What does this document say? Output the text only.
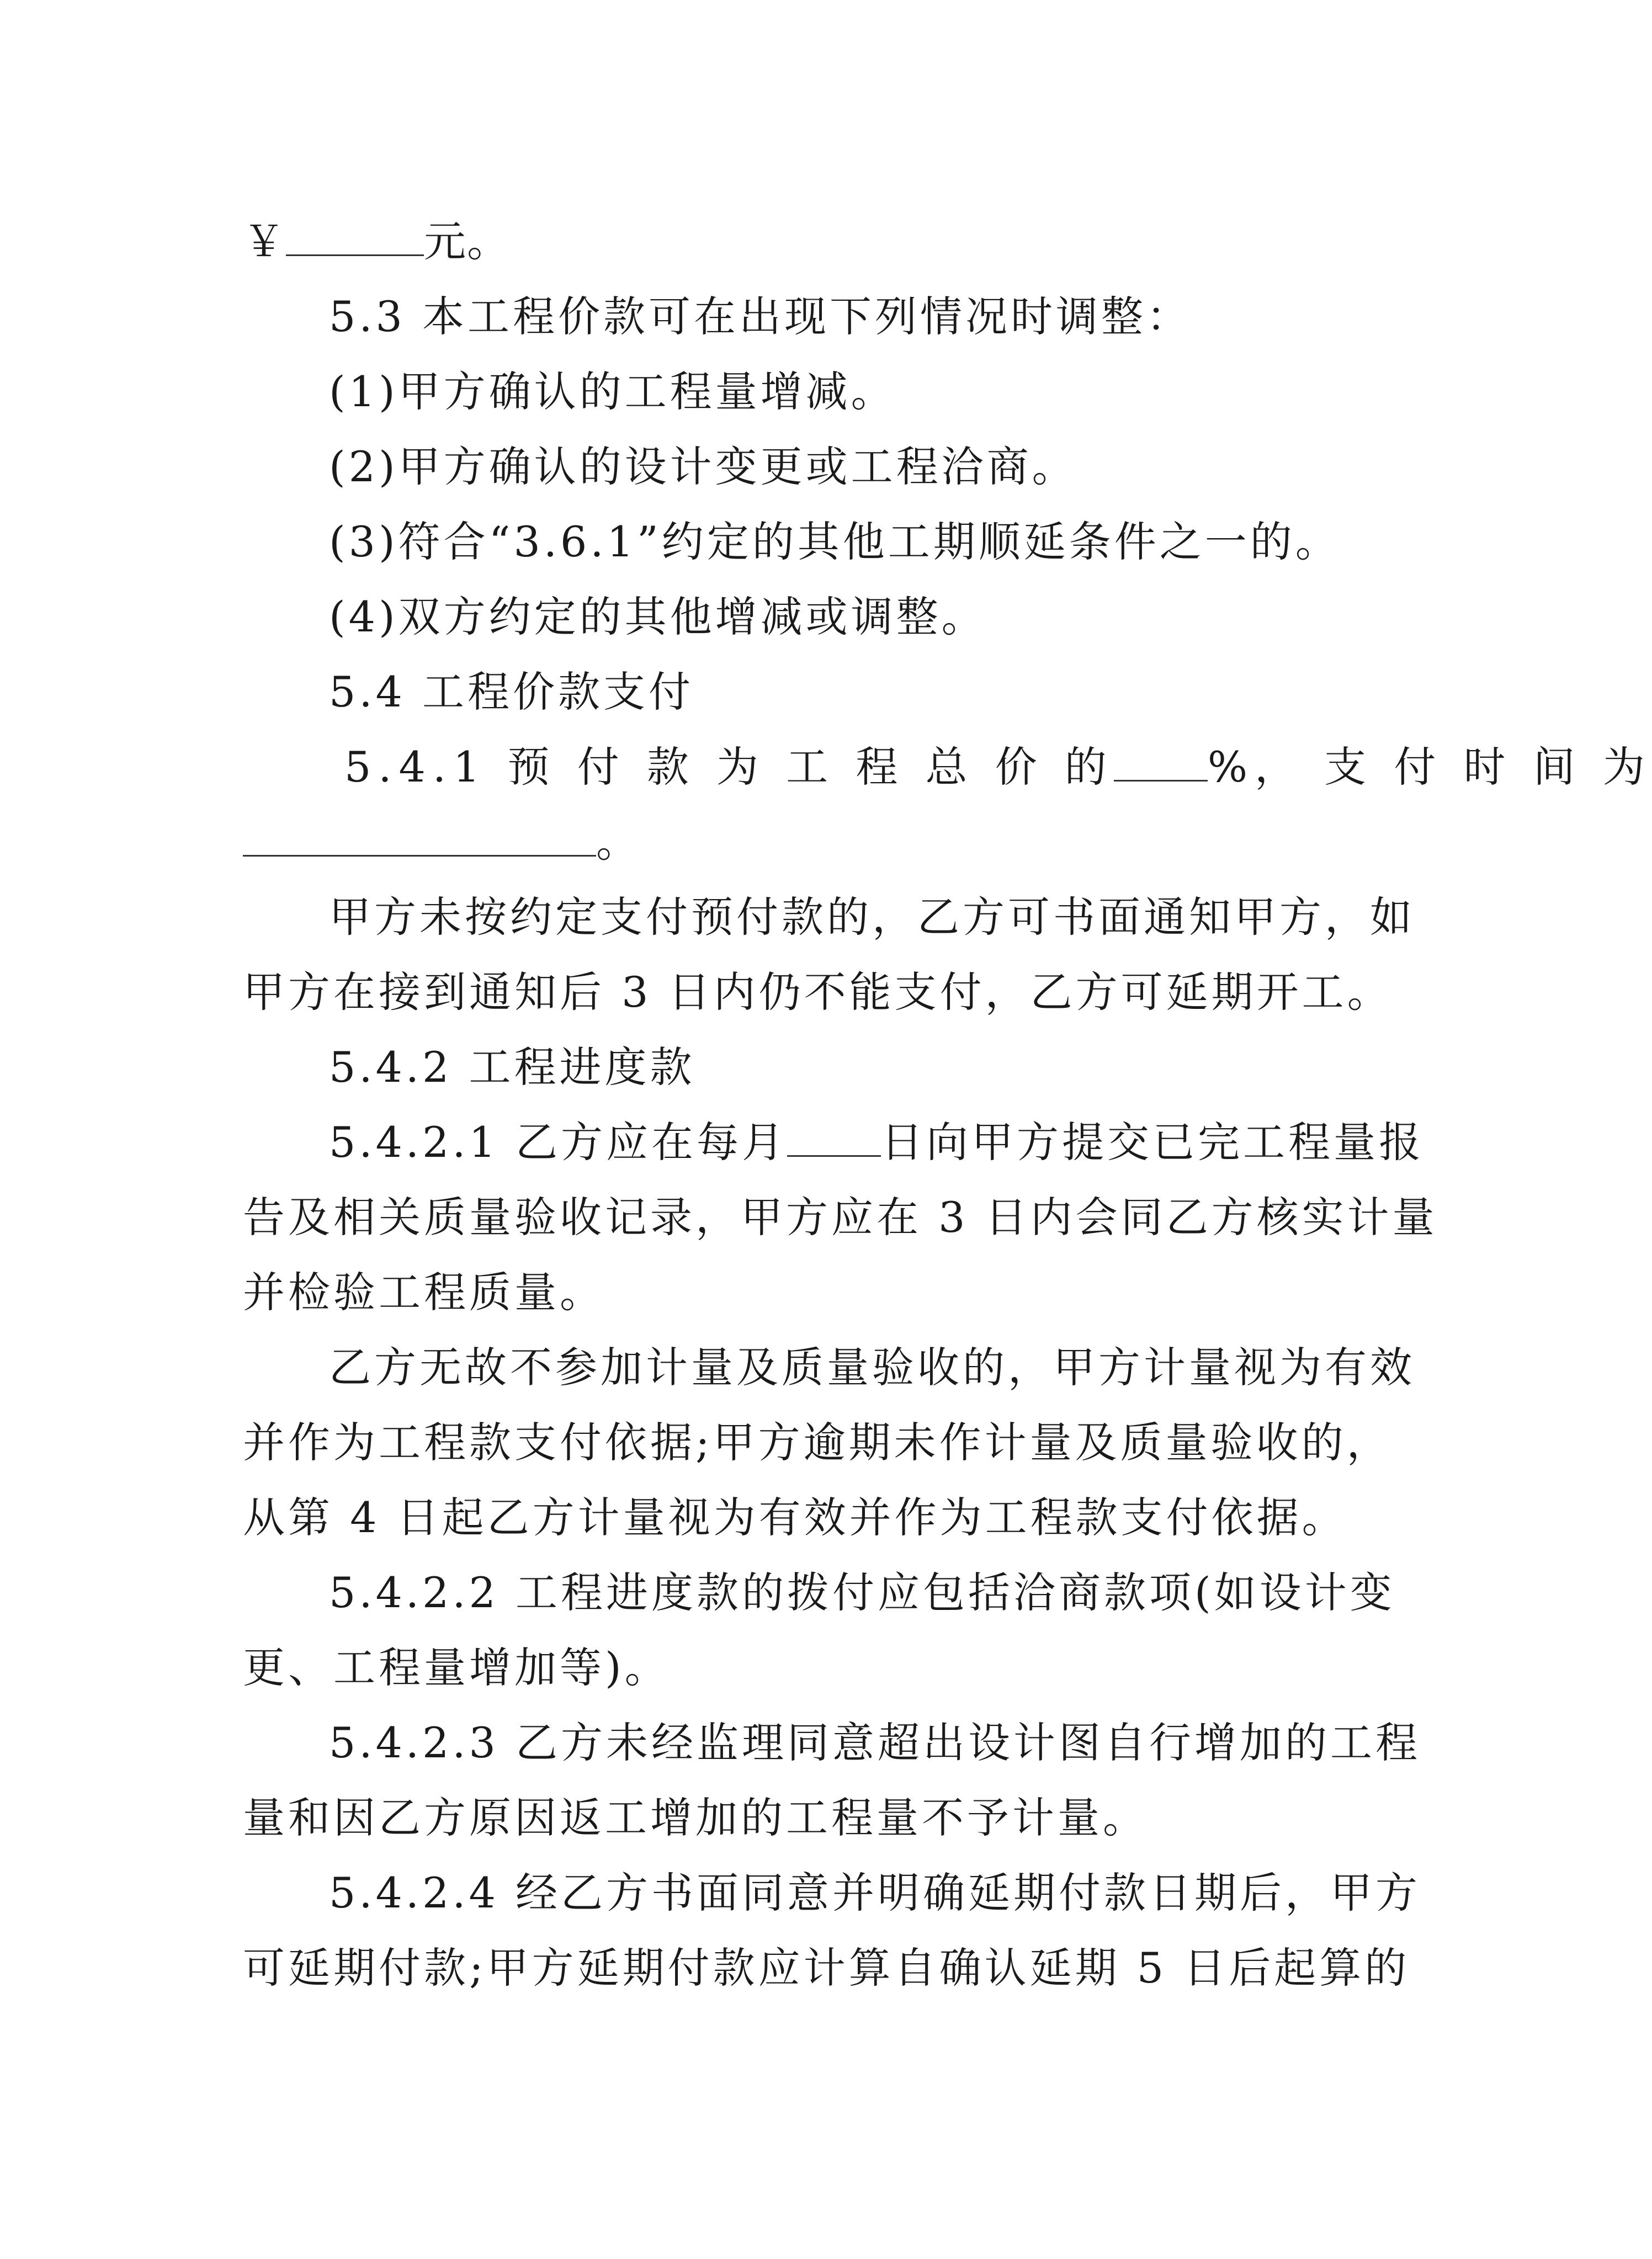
￥	元。
5.3 本工程价款可在出现下列情况时调整：
(1)甲方确认的工程量增减。
(2)甲方确认的设计变更或工程洽商。
(3)符合“3.6.1”约定的其他工期顺延条件之一的。
(4)双方约定的其他增减或调整。
5.4 工程价款支付
5.4.1 预 付 款 为 工 程 总 价 的 %， 支 付 时 间 为
。
甲方未按约定支付预付款的，乙方可书面通知甲方，如
甲方在接到通知后 3 日内仍不能支付，乙方可延期开工。
5.4.2 工程进度款
5.4.2.1 乙方应在每月 日向甲方提交已完工程量报
告及相关质量验收记录，甲方应在 3 日内会同乙方核实计量
并检验工程质量。
乙方无故不参加计量及质量验收的，甲方计量视为有效
并作为工程款支付依据;甲方逾期未作计量及质量验收的，
从第 4 日起乙方计量视为有效并作为工程款支付依据。
5.4.2.2 工程进度款的拨付应包括洽商款项(如设计变
更、工程量增加等)。
5.4.2.3 乙方未经监理同意超出设计图自行增加的工程
量和因乙方原因返工增加的工程量不予计量。
5.4.2.4 经乙方书面同意并明确延期付款日期后，甲方
可延期付款;甲方延期付款应计算自确认延期 5 日后起算的
